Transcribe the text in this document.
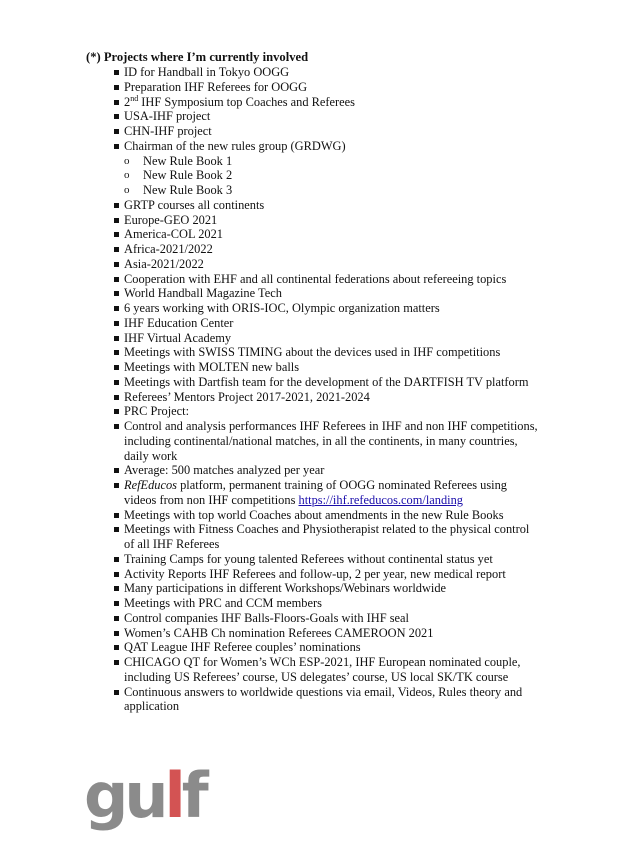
(*) Projects where I’m currently involved
ID for Handball in Tokyo OOGG
Preparation IHF Referees for OOGG
2nd IHF Symposium top Coaches and Referees
USA-IHF project
CHN-IHF project
Chairman of the new rules group (GRDWG)
o New Rule Book 1
o New Rule Book 2
o New Rule Book 3
GRTP courses all continents
Europe-GEO 2021
America-COL 2021
Africa-2021/2022
Asia-2021/2022
Cooperation with EHF and all continental federations about refereeing topics
World Handball Magazine Tech
6 years working with ORIS-IOC, Olympic organization matters
IHF Education Center
IHF Virtual Academy
Meetings with SWISS TIMING about the devices used in IHF competitions
Meetings with MOLTEN new balls
Meetings with Dartfish team for the development of the DARTFISH TV platform
Referees’ Mentors Project 2017-2021, 2021-2024
PRC Project:
Control and analysis performances IHF Referees in IHF and non IHF competitions, including continental/national matches, in all the continents, in many countries, daily work
Average: 500 matches analyzed per year
RefEducos platform, permanent training of OOGG nominated Referees using videos from non IHF competitions https://ihf.refeducos.com/landing
Meetings with top world Coaches about amendments in the new Rule Books
Meetings with Fitness Coaches and Physiotherapist related to the physical control of all IHF Referees
Training Camps for young talented Referees without continental status yet
Activity Reports IHF Referees and follow-up, 2 per year, new medical report
Many participations in different Workshops/Webinars worldwide
Meetings with PRC and CCM members
Control companies IHF Balls-Floors-Goals with IHF seal
Women’s CAHB Ch nomination Referees CAMEROON 2021
QAT League IHF Referee couples’ nominations
CHICAGO QT for Women’s WCh ESP-2021, IHF European nominated couple, including US Referees’ course, US delegates’ course, US local SK/TK course
Continuous answers to worldwide questions via email, Videos, Rules theory and application
gulf
